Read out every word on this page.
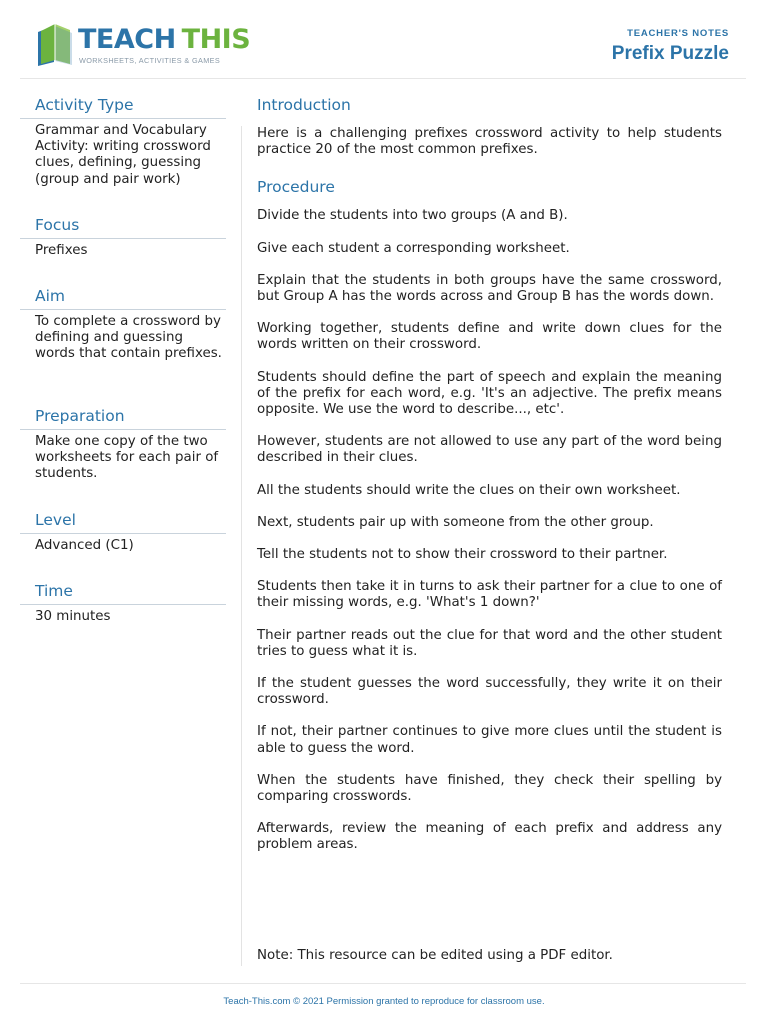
TEACH THIS
WORKSHEETS, ACTIVITIES & GAMES
TEACHER'S NOTES
Prefix Puzzle
Activity Type
Grammar and Vocabulary Activity: writing crossword clues, defining, guessing (group and pair work)
Focus
Prefixes
Aim
To complete a crossword by defining and guessing words that contain prefixes.
Preparation
Make one copy of the two worksheets for each pair of students.
Level
Advanced (C1)
Time
30 minutes
Introduction

Here is a challenging prefixes crossword activity to help students practice 20 of the most common prefixes.

Procedure

Divide the students into two groups (A and B).

Give each student a corresponding worksheet.

Explain that the students in both groups have the same crossword, but Group A has the words across and Group B has the words down.

Working together, students define and write down clues for the words written on their crossword.

Students should define the part of speech and explain the meaning of the prefix for each word, e.g. 'It's an adjective. The prefix means opposite. We use the word to describe..., etc'.

However, students are not allowed to use any part of the word being described in their clues.

All the students should write the clues on their own worksheet.

Next, students pair up with someone from the other group.

Tell the students not to show their crossword to their partner.

Students then take it in turns to ask their partner for a clue to one of their missing words, e.g. 'What's 1 down?'

Their partner reads out the clue for that word and the other student tries to guess what it is.

If the student guesses the word successfully, they write it on their crossword.

If not, their partner continues to give more clues until the student is able to guess the word.

When the students have finished, they check their spelling by comparing crosswords.

Afterwards, review the meaning of each prefix and address any problem areas.

Note: This resource can be edited using a PDF editor.
Teach-This.com © 2021 Permission granted to reproduce for classroom use.
